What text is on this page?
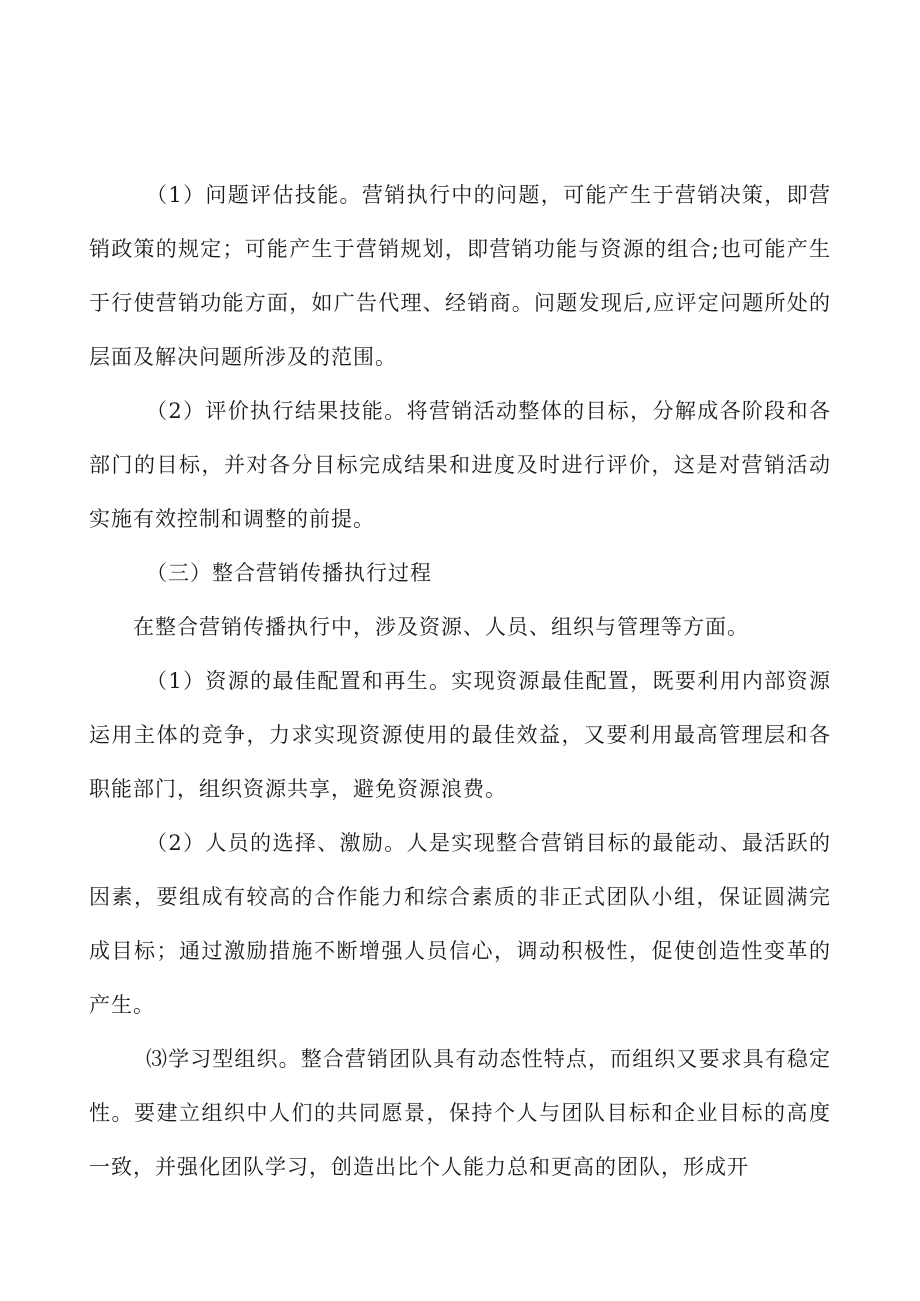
（1）问题评估技能。营销执行中的问题，可能产生于营销决策，即营销政策的规定；可能产生于营销规划，即营销功能与资源的组合;也可能产生于行使营销功能方面，如广告代理、经销商。问题发现后,应评定问题所处的层面及解决问题所涉及的范围。

（2）评价执行结果技能。将营销活动整体的目标，分解成各阶段和各部门的目标，并对各分目标完成结果和进度及时进行评价，这是对营销活动实施有效控制和调整的前提。

（三）整合营销传播执行过程

在整合营销传播执行中，涉及资源、人员、组织与管理等方面。

（1）资源的最佳配置和再生。实现资源最佳配置，既要利用内部资源运用主体的竞争，力求实现资源使用的最佳效益，又要利用最高管理层和各职能部门，组织资源共享，避免资源浪费。

（2）人员的选择、激励。人是实现整合营销目标的最能动、最活跃的因素，要组成有较高的合作能力和综合素质的非正式团队小组，保证圆满完成目标；通过激励措施不断增强人员信心，调动积极性，促使创造性变革的产生。

⑶学习型组织。整合营销团队具有动态性特点，而组织又要求具有稳定性。要建立组织中人们的共同愿景，保持个人与团队目标和企业目标的高度一致，并强化团队学习，创造出比个人能力总和更高的团队，形成开
